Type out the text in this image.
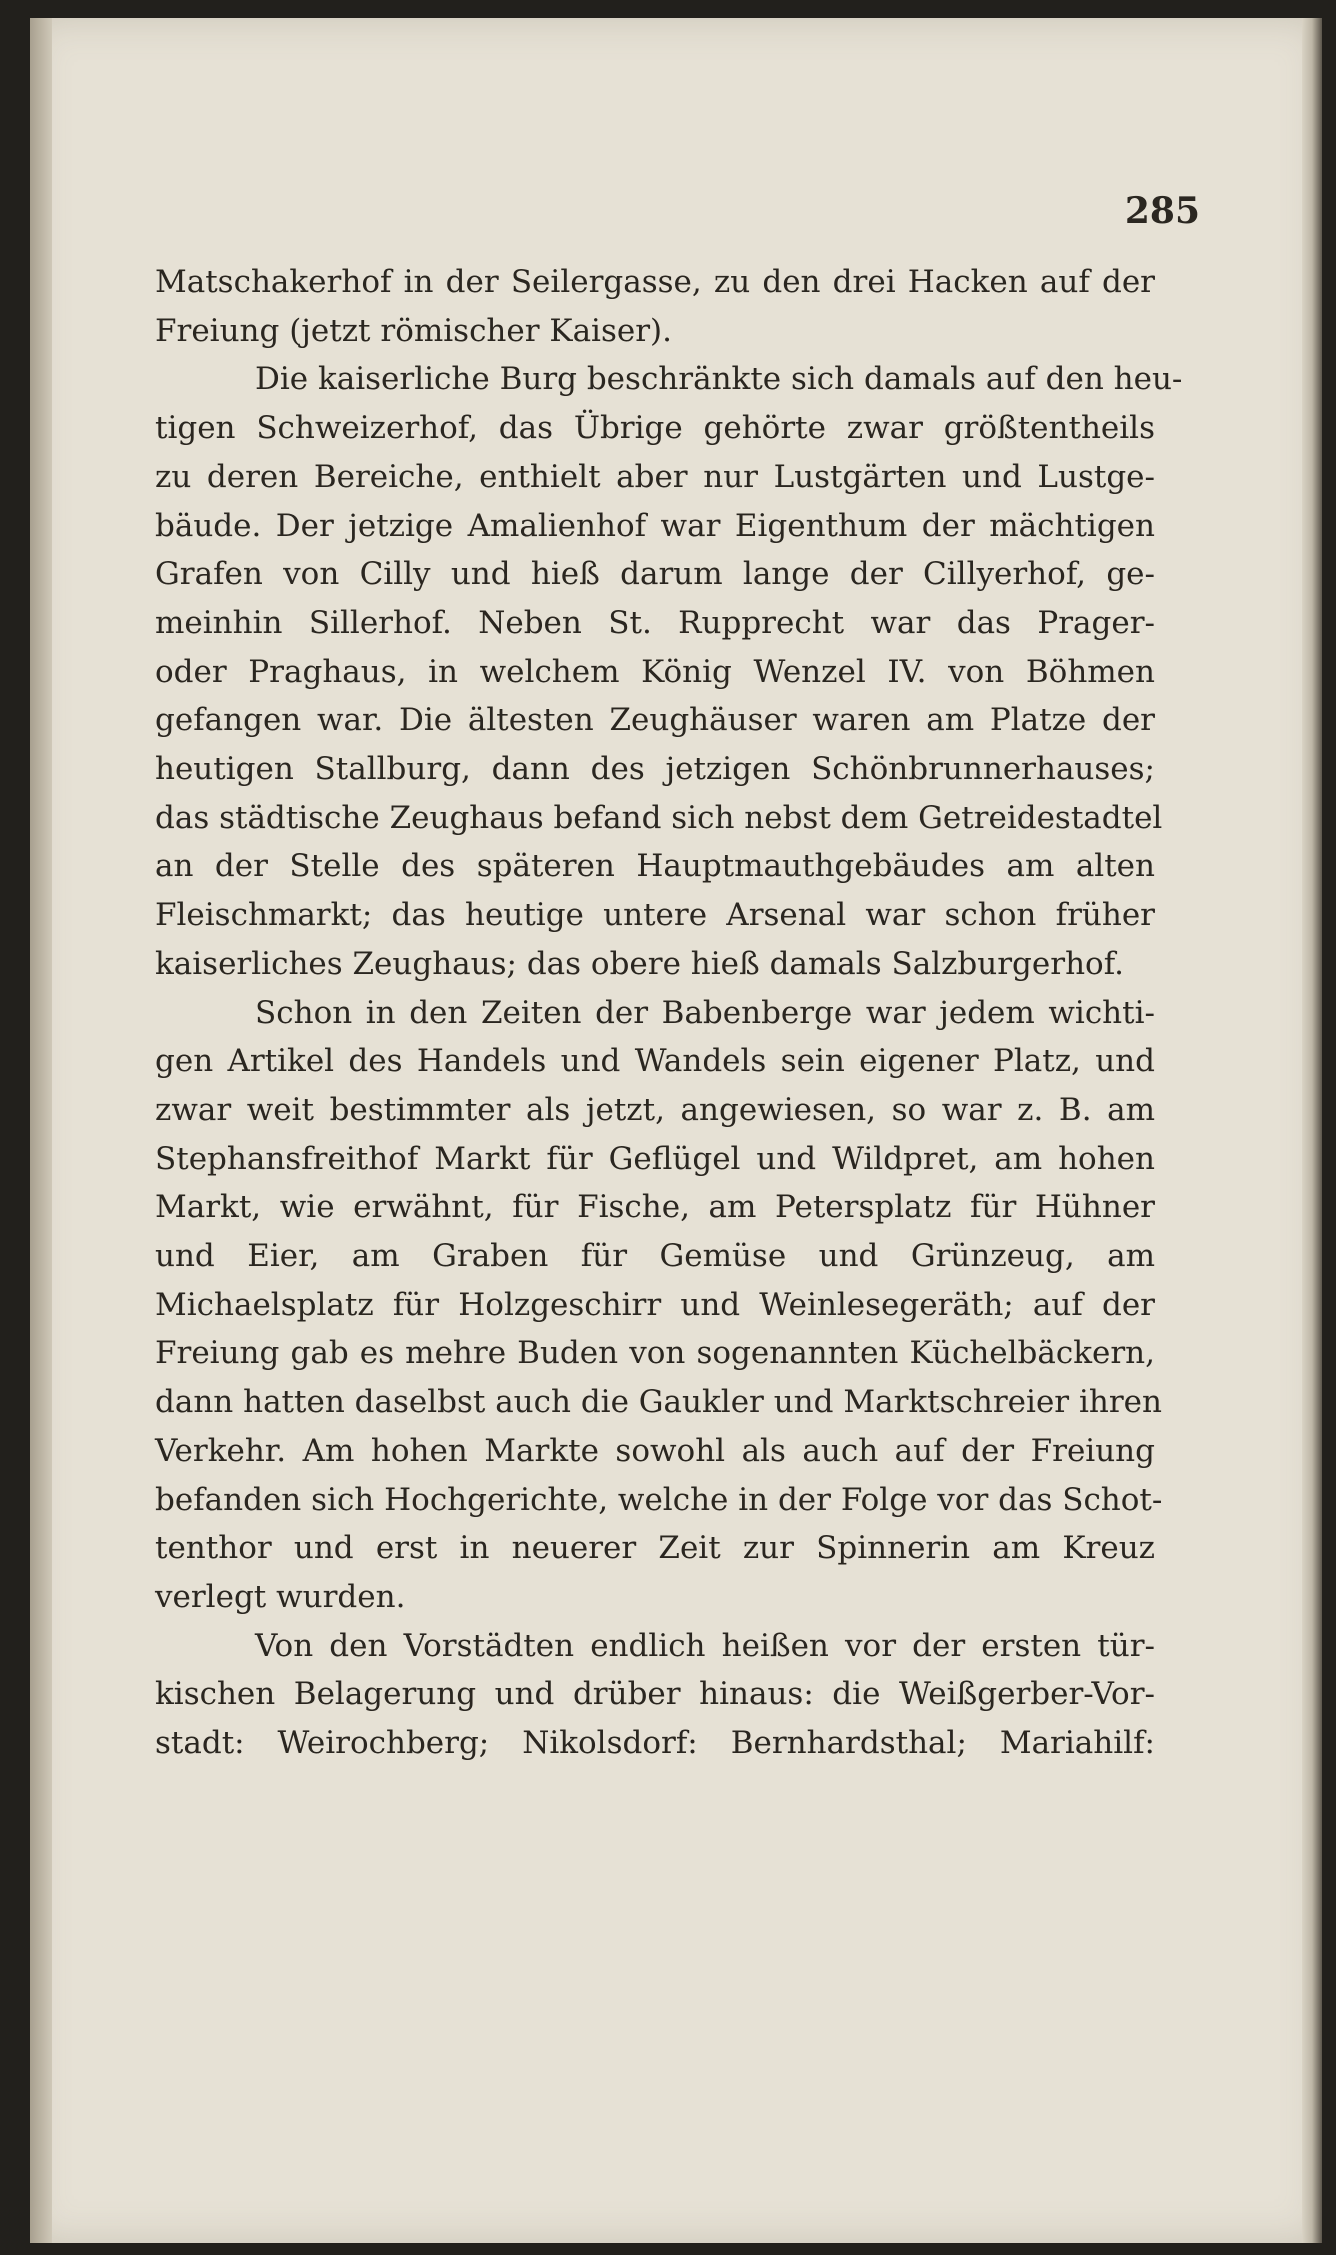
285
Matschakerhof in der Seilergasse, zu den drei Hacken auf der
Freiung (jetzt römischer Kaiser).
Die kaiserliche Burg beschränkte sich damals auf den heu-
tigen Schweizerhof, das Übrige gehörte zwar größtentheils
zu deren Bereiche, enthielt aber nur Lustgärten und Lustge-
bäude. Der jetzige Amalienhof war Eigenthum der mächtigen
Grafen von Cilly und hieß darum lange der Cillyerhof, ge-
meinhin Sillerhof. Neben St. Rupprecht war das Prager-
oder Praghaus, in welchem König Wenzel IV. von Böhmen
gefangen war. Die ältesten Zeughäuser waren am Platze der
heutigen Stallburg, dann des jetzigen Schönbrunnerhauses;
das städtische Zeughaus befand sich nebst dem Getreidestadtel
an der Stelle des späteren Hauptmauthgebäudes am alten
Fleischmarkt; das heutige untere Arsenal war schon früher
kaiserliches Zeughaus; das obere hieß damals Salzburgerhof.
Schon in den Zeiten der Babenberge war jedem wichti-
gen Artikel des Handels und Wandels sein eigener Platz, und
zwar weit bestimmter als jetzt, angewiesen, so war z. B. am
Stephansfreithof Markt für Geflügel und Wildpret, am hohen
Markt, wie erwähnt, für Fische, am Petersplatz für Hühner
und Eier, am Graben für Gemüse und Grünzeug, am
Michaelsplatz für Holzgeschirr und Weinlesegeräth; auf der
Freiung gab es mehre Buden von sogenannten Küchelbäckern,
dann hatten daselbst auch die Gaukler und Marktschreier ihren
Verkehr. Am hohen Markte sowohl als auch auf der Freiung
befanden sich Hochgerichte, welche in der Folge vor das Schot-
tenthor und erst in neuerer Zeit zur Spinnerin am Kreuz
verlegt wurden.
Von den Vorstädten endlich heißen vor der ersten tür-
kischen Belagerung und drüber hinaus: die Weißgerber-Vor-
stadt: Weirochberg; Nikolsdorf: Bernhardsthal; Mariahilf:
